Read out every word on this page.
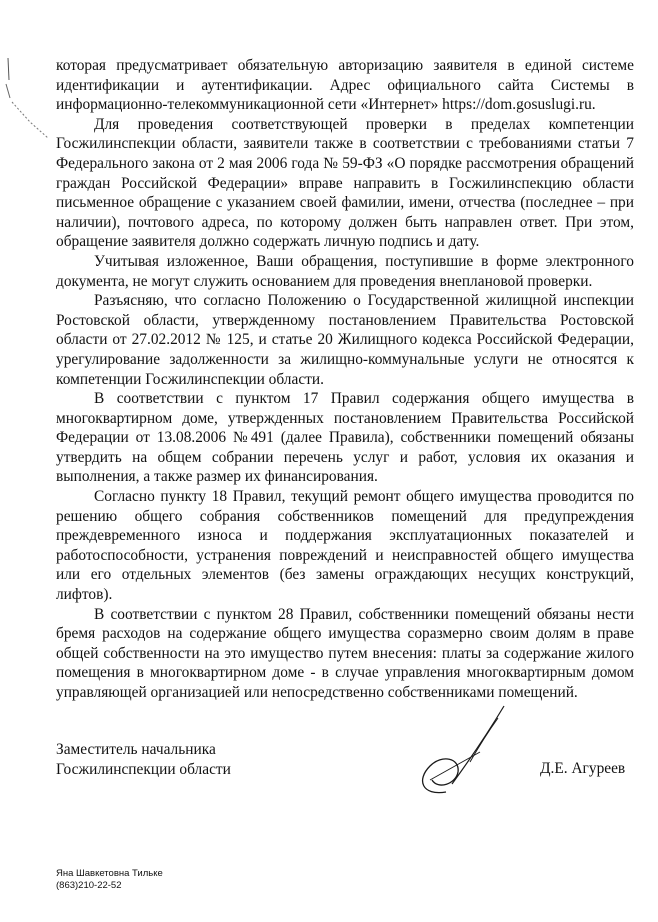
которая предусматривает обязательную авторизацию заявителя в единой системе идентификации и аутентификации. Адрес официального сайта Системы в информационно-телекоммуникационной сети «Интернет» https://dom.gosuslugi.ru.

Для проведения соответствующей проверки в пределах компетенции Госжилинспекции области, заявители также в соответствии с требованиями статьи 7 Федерального закона от 2 мая 2006 года № 59-ФЗ «О порядке рассмотрения обращений граждан Российской Федерации» вправе направить в Госжилинспекцию области письменное обращение с указанием своей фамилии, имени, отчества (последнее – при наличии), почтового адреса, по которому должен быть направлен ответ. При этом, обращение заявителя должно содержать личную подпись и дату.

Учитывая изложенное, Ваши обращения, поступившие в форме электронного документа, не могут служить основанием для проведения внеплановой проверки.

Разъясняю, что согласно Положению о Государственной жилищной инспекции Ростовской области, утвержденному постановлением Правительства Ростовской области от 27.02.2012 № 125, и статье 20 Жилищного кодекса Российской Федерации, урегулирование задолженности за жилищно-коммунальные услуги не относятся к компетенции Госжилинспекции области.

В соответствии с пунктом 17 Правил содержания общего имущества в многоквартирном доме, утвержденных постановлением Правительства Российской Федерации от 13.08.2006 №491 (далее Правила), собственники помещений обязаны утвердить на общем собрании перечень услуг и работ, условия их оказания и выполнения, а также размер их финансирования.

Согласно пункту 18 Правил, текущий ремонт общего имущества проводится по решению общего собрания собственников помещений для предупреждения преждевременного износа и поддержания эксплуатационных показателей и работоспособности, устранения повреждений и неисправностей общего имущества или его отдельных элементов (без замены ограждающих несущих конструкций, лифтов).

В соответствии с пунктом 28 Правил, собственники помещений обязаны нести бремя расходов на содержание общего имущества соразмерно своим долям в праве общей собственности на это имущество путем внесения: платы за содержание жилого помещения в многоквартирном доме - в случае управления многоквартирным домом управляющей организацией или непосредственно собственниками помещений.

Заместитель начальника
Госжилинспекции области	Д.Е. Агуреев
Яна Шавкетовна Тильке
(863)210-22-52
